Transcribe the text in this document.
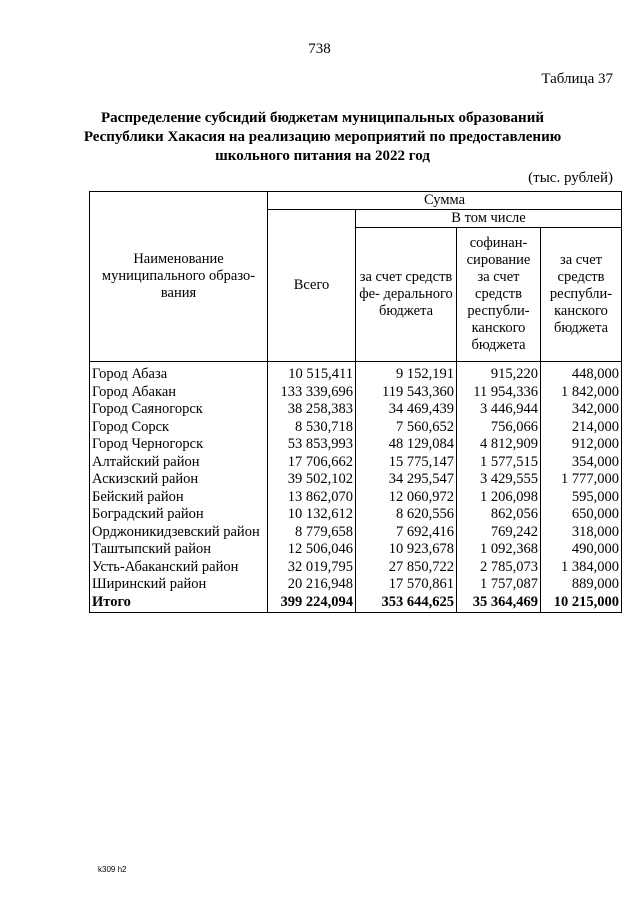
738
Таблица 37
Распределение субсидий бюджетам муниципальных образований
Республики Хакасия на реализацию мероприятий по предоставлению
школьного питания на 2022 год
(тыс. рублей)
Наименование муниципального образо- вания	Сумма			
	Всего	В том числе		
		за счет средств фе- дерального бюджета	софинан- сирование за счет средств республи- канского бюджета	за счет средств республи- канского бюджета
Город Абаза	10 515,411	9 152,191	915,220	448,000
Город Абакан	133 339,696	119 543,360	11 954,336	1 842,000
Город Саяногорск	38 258,383	34 469,439	3 446,944	342,000
Город Сорск	8 530,718	7 560,652	756,066	214,000
Город Черногорск	53 853,993	48 129,084	4 812,909	912,000
Алтайский район	17 706,662	15 775,147	1 577,515	354,000
Аскизский район	39 502,102	34 295,547	3 429,555	1 777,000
Бейский район	13 862,070	12 060,972	1 206,098	595,000
Боградский район	10 132,612	8 620,556	862,056	650,000
Орджоникидзевский район	8 779,658	7 692,416	769,242	318,000
Таштыпский район	12 506,046	10 923,678	1 092,368	490,000
Усть-Абаканский район	32 019,795	27 850,722	2 785,073	1 384,000
Ширинский район	20 216,948	17 570,861	1 757,087	889,000
Итого	399 224,094	353 644,625	35 364,469	10 215,000
k309 h2
